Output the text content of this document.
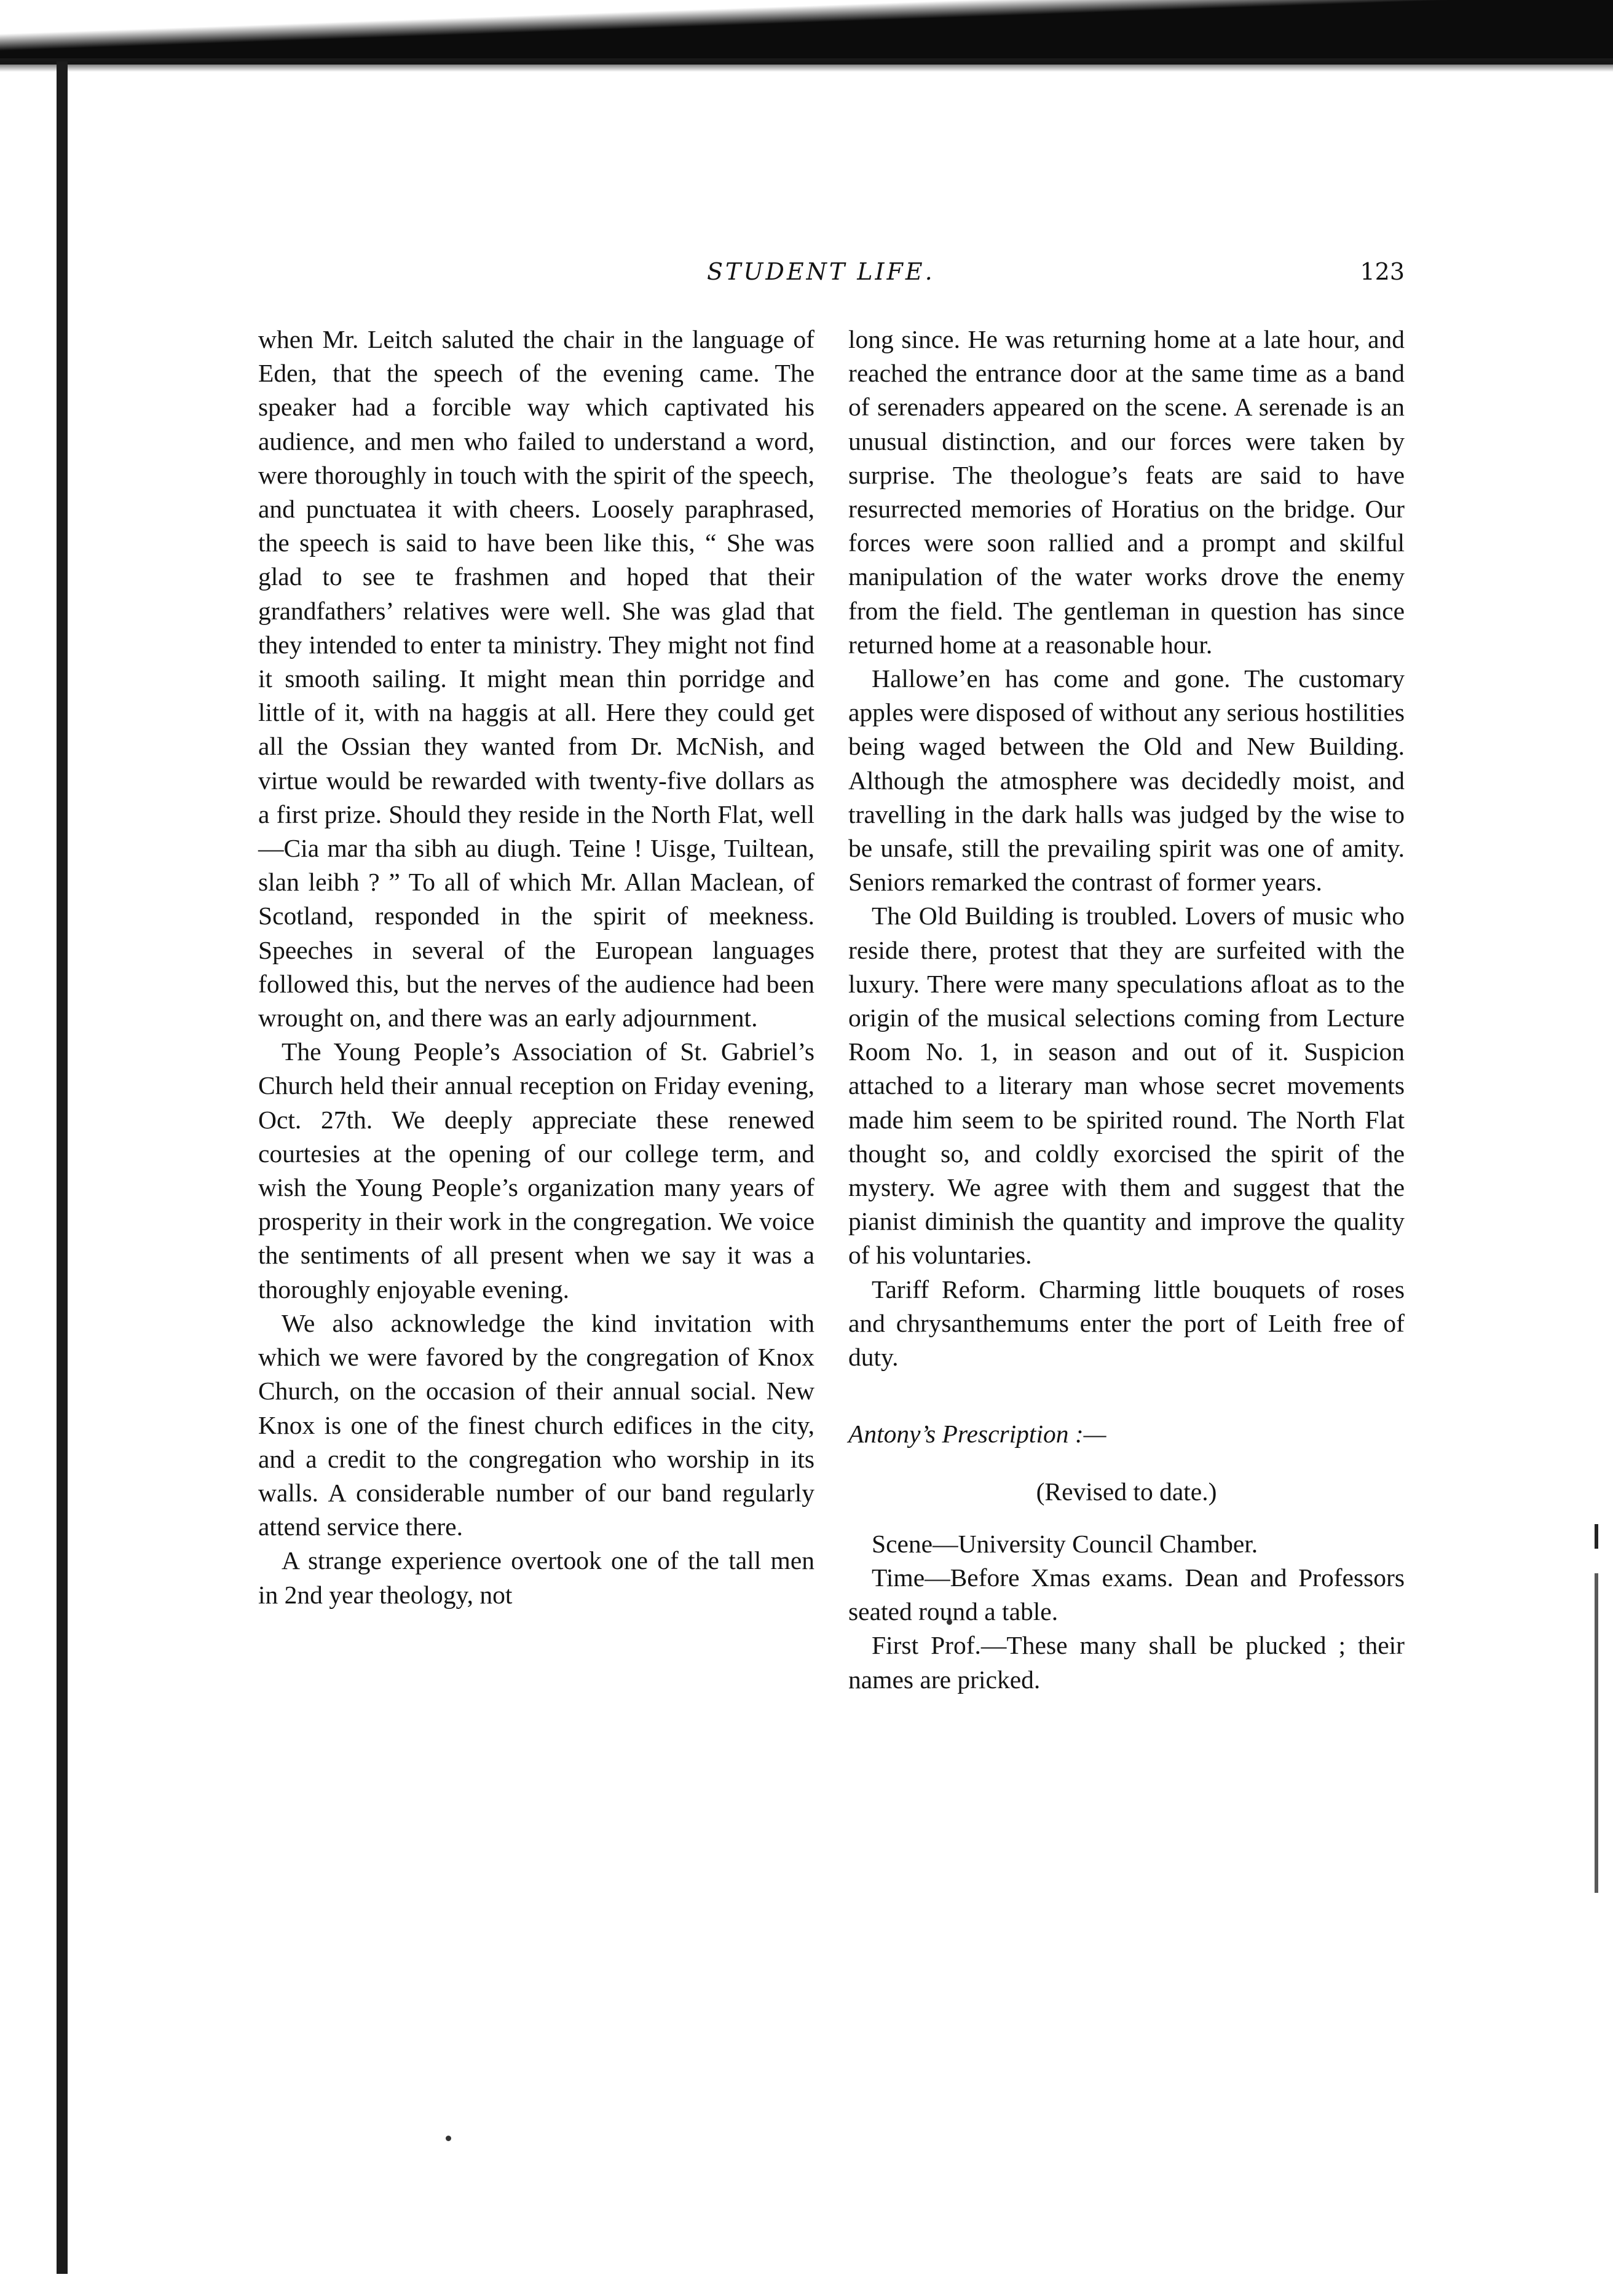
STUDENT LIFE.	123

when Mr. Leitch saluted the chair in the language of Eden, that the speech of the evening came. The speaker had a forcible way which captivated his audience, and men who failed to understand a word, were thoroughly in touch with the spirit of the speech, and punctuatea it with cheers. Loosely paraphrased, the speech is said to have been like this, “ She was glad to see te frashmen and hoped that their grandfathers’ relatives were well. She was glad that they intended to enter ta ministry. They might not find it smooth sailing. It might mean thin porridge and little of it, with na haggis at all. Here they could get all the Ossian they wanted from Dr. McNish, and virtue would be rewarded with twenty-five dollars as a first prize. Should they reside in the North Flat, well—Cia mar tha sibh au diugh. Teine ! Uisge, Tuiltean, slan leibh ? ” To all of which Mr. Allan Maclean, of Scotland, responded in the spirit of meekness. Speeches in several of the European languages followed this, but the nerves of the audience had been wrought on, and there was an early adjournment.

The Young People’s Association of St. Gabriel’s Church held their annual reception on Friday evening, Oct. 27th. We deeply appreciate these renewed courtesies at the opening of our college term, and wish the Young People’s organization many years of prosperity in their work in the congregation. We voice the sentiments of all present when we say it was a thoroughly enjoyable evening.

We also acknowledge the kind invitation with which we were favored by the congregation of Knox Church, on the occasion of their annual social. New Knox is one of the finest church edifices in the city, and a credit to the congregation who worship in its walls. A considerable number of our band regularly attend service there.

A strange experience overtook one of the tall men in 2nd year theology, not

long since. He was returning home at a late hour, and reached the entrance door at the same time as a band of serenaders appeared on the scene. A serenade is an unusual distinction, and our forces were taken by surprise. The theologue’s feats are said to have resurrected memories of Horatius on the bridge. Our forces were soon rallied and a prompt and skilful manipulation of the water works drove the enemy from the field. The gentleman in question has since returned home at a reasonable hour.

Hallowe’en has come and gone. The customary apples were disposed of without any serious hostilities being waged between the Old and New Building. Although the atmosphere was decidedly moist, and travelling in the dark halls was judged by the wise to be unsafe, still the prevailing spirit was one of amity. Seniors remarked the contrast of former years.

The Old Building is troubled. Lovers of music who reside there, protest that they are surfeited with the luxury. There were many speculations afloat as to the origin of the musical selections coming from Lecture Room No. 1, in season and out of it. Suspicion attached to a literary man whose secret movements made him seem to be spirited round. The North Flat thought so, and coldly exorcised the spirit of the mystery. We agree with them and suggest that the pianist diminish the quantity and improve the quality of his voluntaries.

Tariff Reform. Charming little bouquets of roses and chrysanthemums enter the port of Leith free of duty.

Antony’s Prescription :—

(Revised to date.)

Scene—University Council Chamber.

Time—Before Xmas exams. Dean and Professors seated round a table.

First Prof.—These many shall be plucked ; their names are pricked.
